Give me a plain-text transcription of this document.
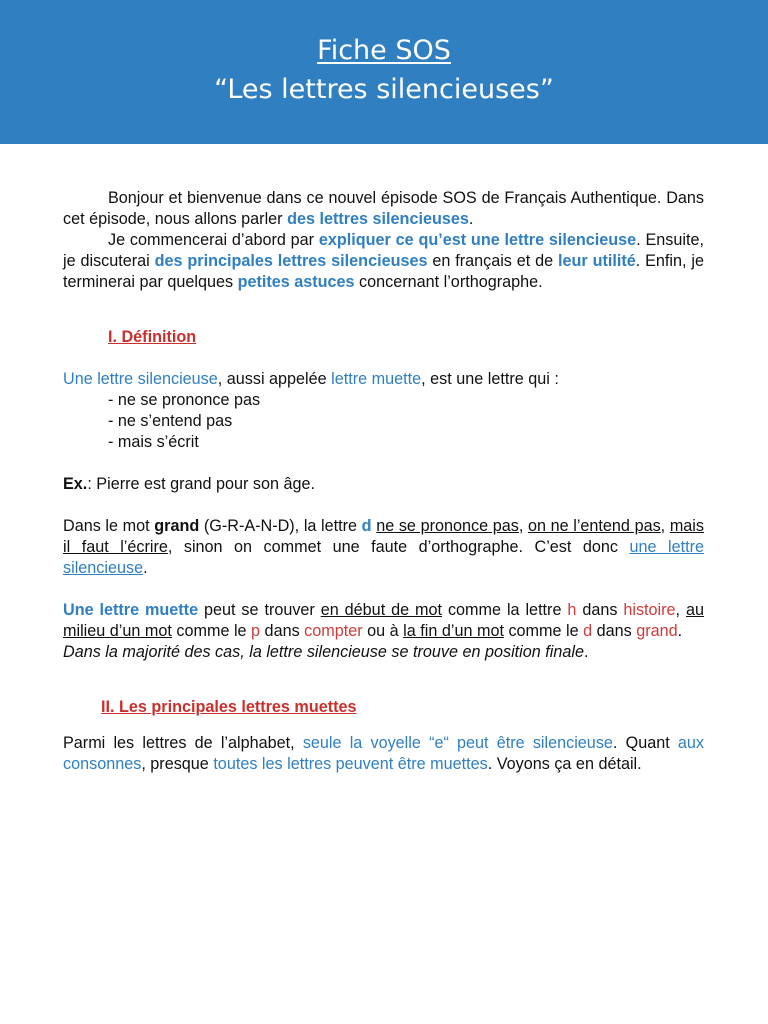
Fiche SOS
“Les lettres silencieuses”

Bonjour et bienvenue dans ce nouvel épisode SOS de Français Authentique. Dans cet épisode, nous allons parler des lettres silencieuses.

Je commencerai d’abord par expliquer ce qu’est une lettre silencieuse. Ensuite, je discuterai des principales lettres silencieuses en français et de leur utilité. Enfin, je terminerai par quelques petites astuces concernant l’orthographe.

I. Définition

Une lettre silencieuse, aussi appelée lettre muette, est une lettre qui :

- ne se prononce pas

- ne s’entend pas

- mais s’écrit

Ex.: Pierre est grand pour son âge.

Dans le mot grand (G-R-A-N-D), la lettre d ne se prononce pas, on ne l’entend pas, mais il faut l’écrire, sinon on commet une faute d’orthographe. C’est donc une lettre silencieuse.

Une lettre muette peut se trouver en début de mot comme la lettre h dans histoire, au milieu d’un mot comme le p dans compter ou à la fin d’un mot comme le d dans grand.

Dans la majorité des cas, la lettre silencieuse se trouve en position finale.

II. Les principales lettres muettes

Parmi les lettres de l’alphabet, seule la voyelle “e“ peut être silencieuse. Quant aux consonnes, presque toutes les lettres peuvent être muettes. Voyons ça en détail.
